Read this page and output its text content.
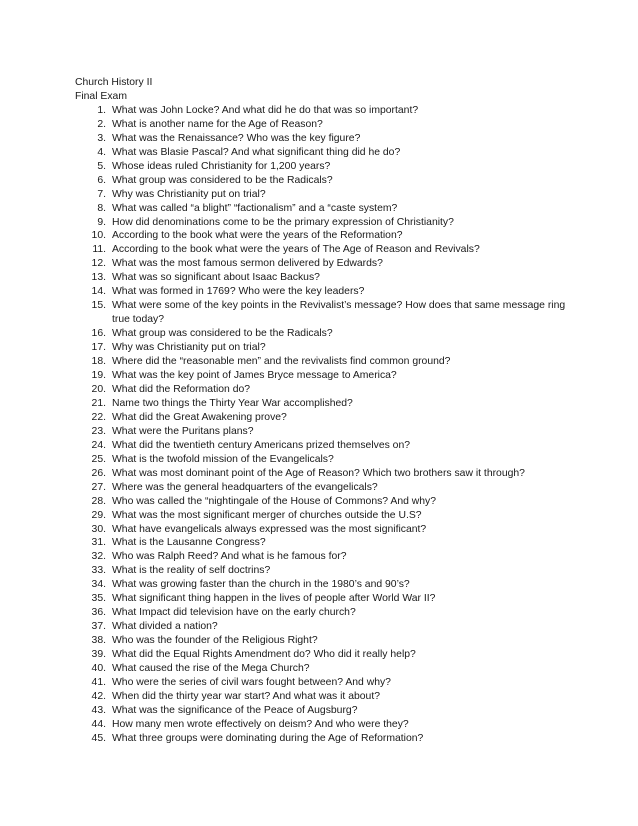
Church History II
Final Exam
1. What was John Locke? And what did he do that was so important?
2. What is another name for the Age of Reason?
3. What was the Renaissance? Who was the key figure?
4. What was Blasie Pascal? And what significant thing did he do?
5. Whose ideas ruled Christianity for 1,200 years?
6. What group was considered to be the Radicals?
7. Why was Christianity put on trial?
8. What was called “a blight” “factionalism” and a “caste system?
9. How did denominations come to be the primary expression of Christianity?
10. According to the book what were the years of the Reformation?
11. According to the book what were the years of The Age of Reason and Revivals?
12. What was the most famous sermon delivered by Edwards?
13. What was so significant about Isaac Backus?
14. What was formed in 1769? Who were the key leaders?
15. What were some of the key points in the Revivalist’s message? How does that same message ring true today?
16. What group was considered to be the Radicals?
17. Why was Christianity put on trial?
18. Where did the “reasonable men” and the revivalists find common ground?
19. What was the key point of James Bryce message to America?
20. What did the Reformation do?
21. Name two things the Thirty Year War accomplished?
22. What did the Great Awakening prove?
23. What were the Puritans plans?
24. What did the twentieth century Americans prized themselves on?
25. What is the twofold mission of the Evangelicals?
26. What was most dominant point of the Age of Reason? Which two brothers saw it through?
27. Where was the general headquarters of the evangelicals?
28. Who was called the “nightingale of the House of Commons? And why?
29. What was the most significant merger of churches outside the U.S?
30. What have evangelicals always expressed was the most significant?
31. What is the Lausanne Congress?
32. Who was Ralph Reed? And what is he famous for?
33. What is the reality of self doctrins?
34. What was growing faster than the church in the 1980’s and 90’s?
35. What significant thing happen in the lives of people after World War II?
36. What Impact did television have on the early church?
37. What divided a nation?
38. Who was the founder of the Religious Right?
39. What did the Equal Rights Amendment do? Who did it really help?
40. What caused the rise of the Mega Church?
41. Who were the series of civil wars fought between? And why?
42. When did the thirty year war start? And what was it about?
43. What was the significance of the Peace of Augsburg?
44. How many men wrote effectively on deism? And who were they?
45. What three groups were dominating during the Age of Reformation?
